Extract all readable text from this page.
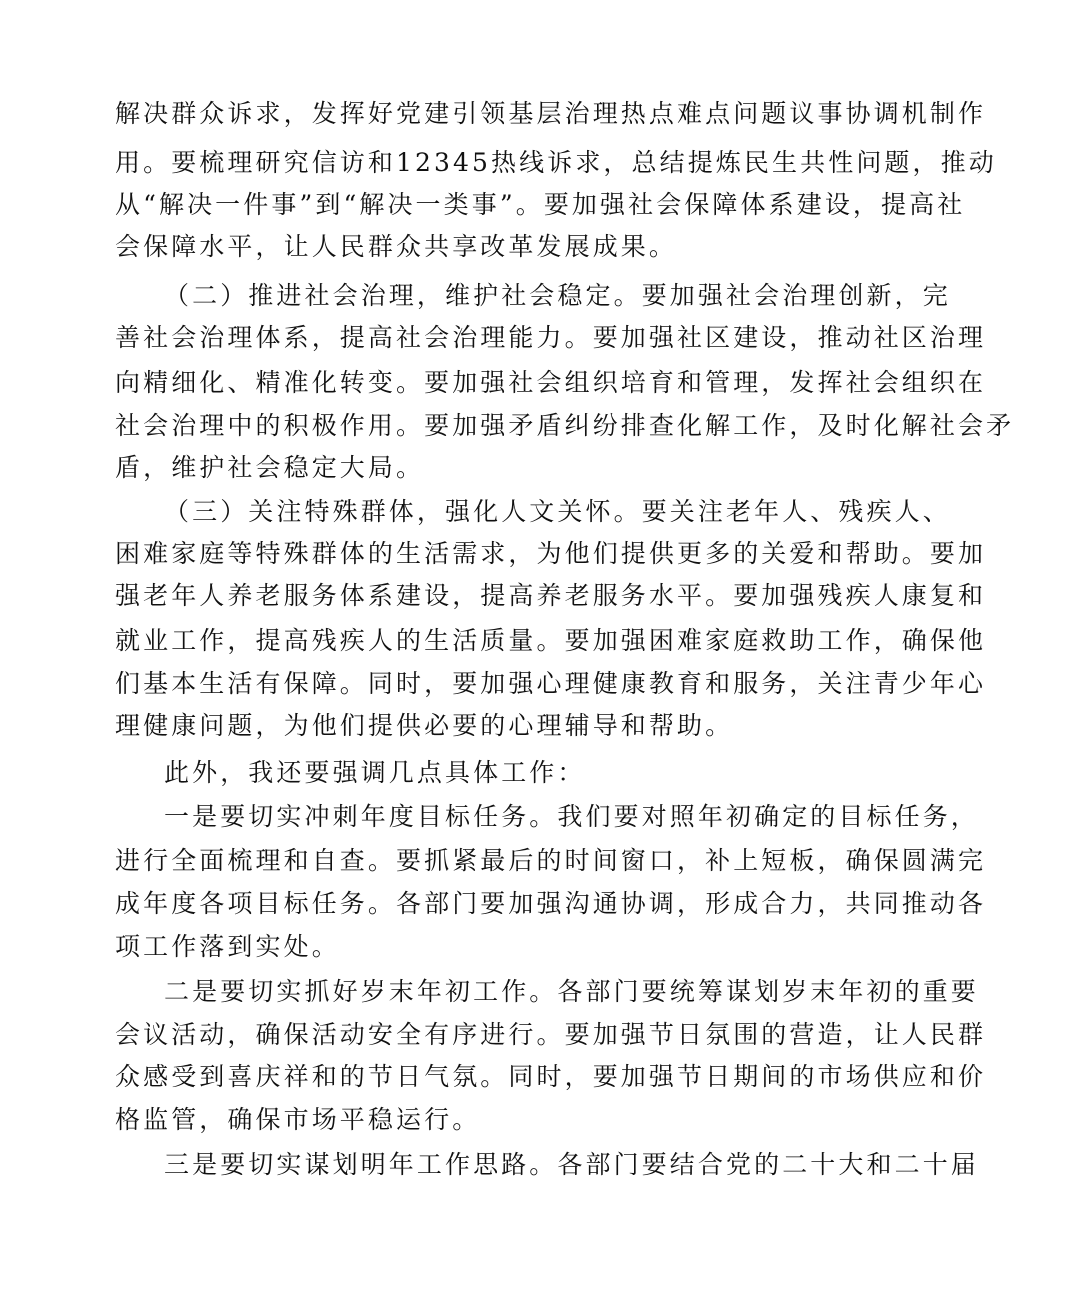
解决群众诉求，发挥好党建引领基层治理热点难点问题议事协调机制作
用。要梳理研究信访和12345热线诉求，总结提炼民生共性问题，推动
从“解决一件事”到“解决一类事”。要加强社会保障体系建设，提高社
会保障水平，让人民群众共享改革发展成果。
（二）推进社会治理，维护社会稳定。要加强社会治理创新，完
善社会治理体系，提高社会治理能力。要加强社区建设，推动社区治理
向精细化、精准化转变。要加强社会组织培育和管理，发挥社会组织在
社会治理中的积极作用。要加强矛盾纠纷排查化解工作，及时化解社会矛
盾，维护社会稳定大局。
（三）关注特殊群体，强化人文关怀。要关注老年人、残疾人、
困难家庭等特殊群体的生活需求，为他们提供更多的关爱和帮助。要加
强老年人养老服务体系建设，提高养老服务水平。要加强残疾人康复和
就业工作，提高残疾人的生活质量。要加强困难家庭救助工作，确保他
们基本生活有保障。同时，要加强心理健康教育和服务，关注青少年心
理健康问题，为他们提供必要的心理辅导和帮助。
此外，我还要强调几点具体工作：
一是要切实冲刺年度目标任务。我们要对照年初确定的目标任务，
进行全面梳理和自查。要抓紧最后的时间窗口，补上短板，确保圆满完
成年度各项目标任务。各部门要加强沟通协调，形成合力，共同推动各
项工作落到实处。
二是要切实抓好岁末年初工作。各部门要统筹谋划岁末年初的重要
会议活动，确保活动安全有序进行。要加强节日氛围的营造，让人民群
众感受到喜庆祥和的节日气氛。同时，要加强节日期间的市场供应和价
格监管，确保市场平稳运行。
三是要切实谋划明年工作思路。各部门要结合党的二十大和二十届
